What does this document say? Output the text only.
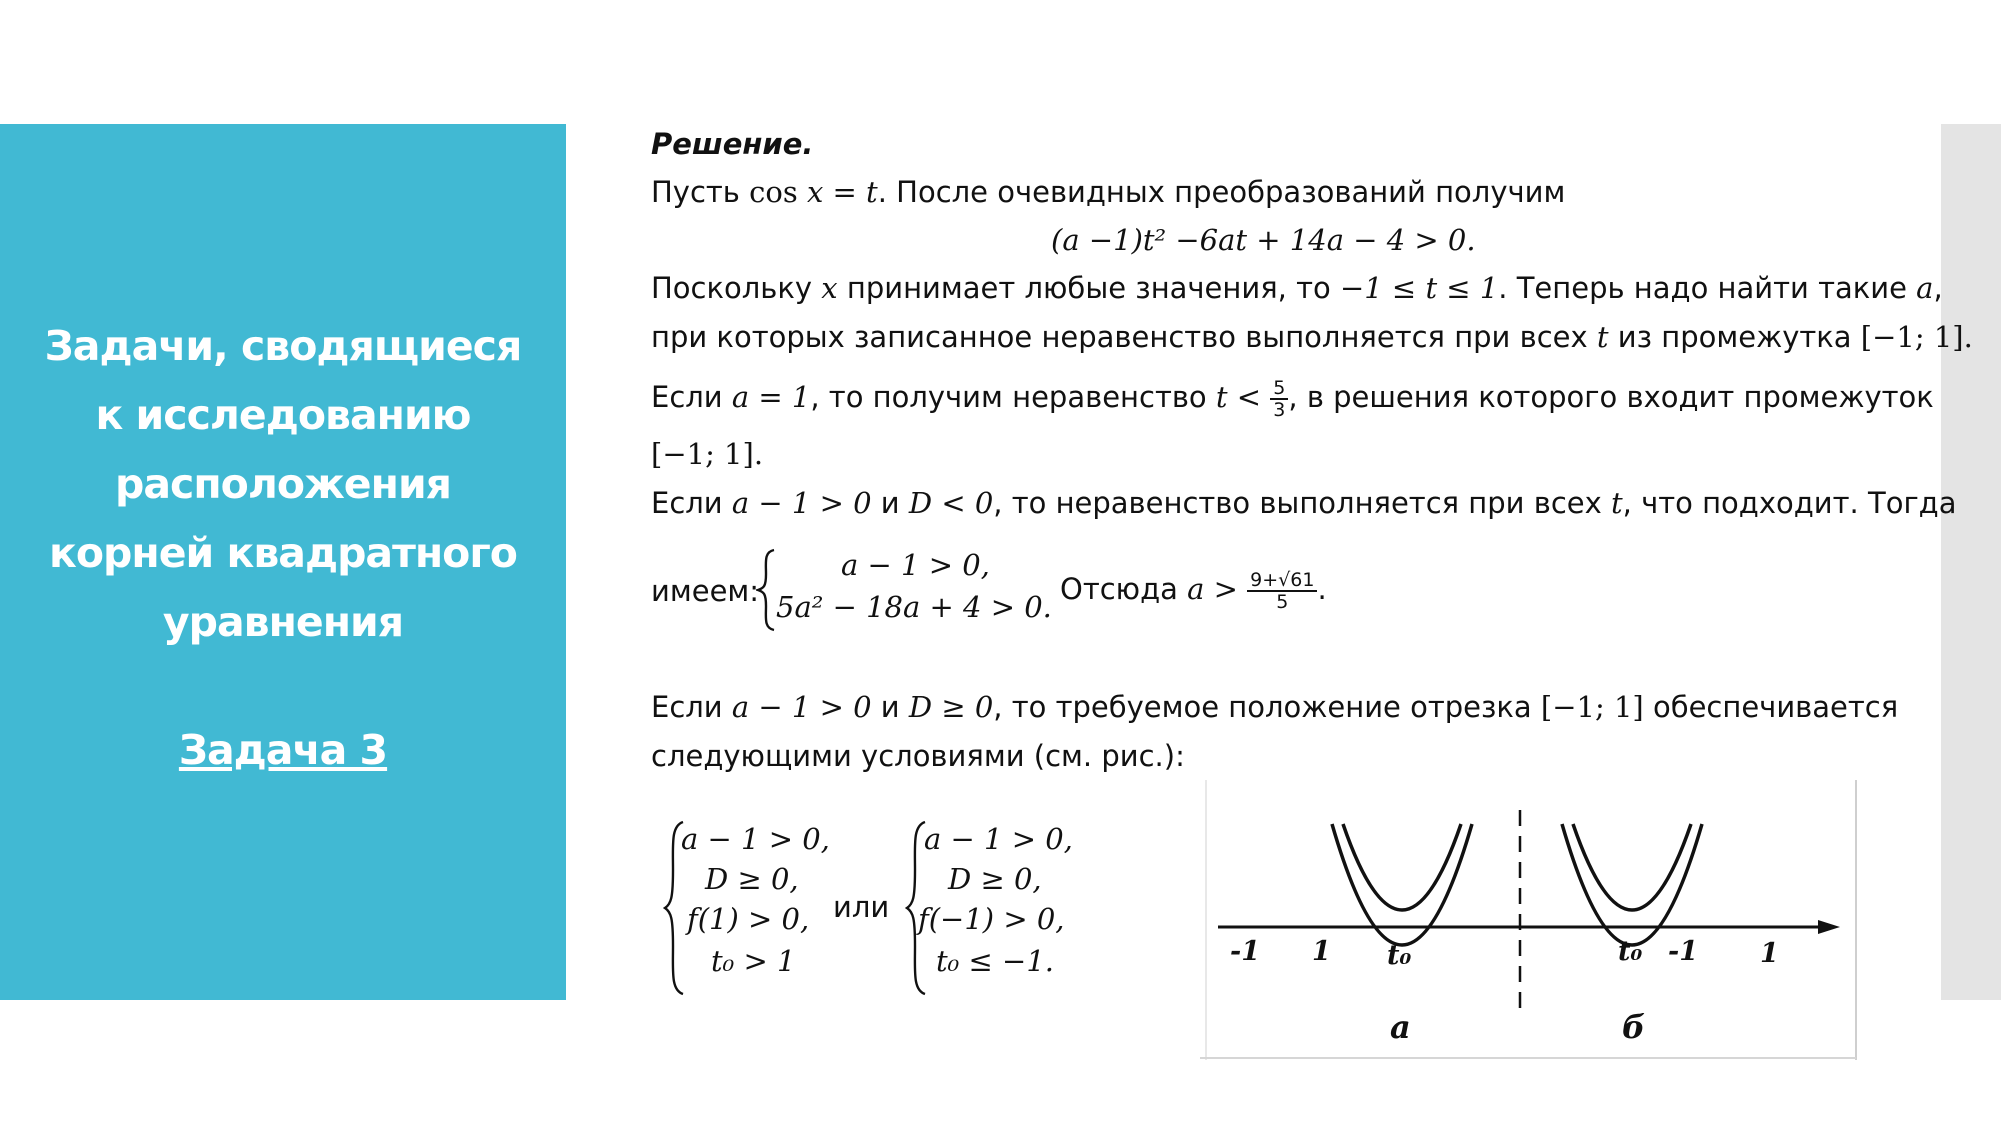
Задачи, сводящиеся
к исследованию
расположения
корней квадратного
уравнения
Задача 3
Решение.
Пусть cos x = t. После очевидных преобразований получим
(a −1)t² −6at + 14a − 4 > 0.
Поскольку x принимает любые значения, то −1 ≤ t ≤ 1. Теперь надо найти такие a,
при которых записанное неравенство выполняется при всех t из промежутка [−1; 1].
Если a = 1, то получим неравенство $t < \frac{5}{3}$ , в решения которого входит промежуток
[−1; 1].
Если a − 1 > 0 и D < 0, то неравенство выполняется при всех t, что подходит. Тогда
имеем:
a − 1 > 0,
5a² − 18a + 4 > 0.
Отсюда $a > \frac{9+√61}{5}$ .
Если a − 1 > 0 и D ≥ 0, то требуемое положение отрезка [−1; 1] обеспечивается
следующими условиями (см. рис.):
a − 1 > 0,
D ≥ 0,
f(1) > 0,
t₀ > 1
или
a − 1 > 0,
D ≥ 0,
f(−1) > 0,
t₀ ≤ −1.	-1 1 t₀	t₀ -1 1
а	б
